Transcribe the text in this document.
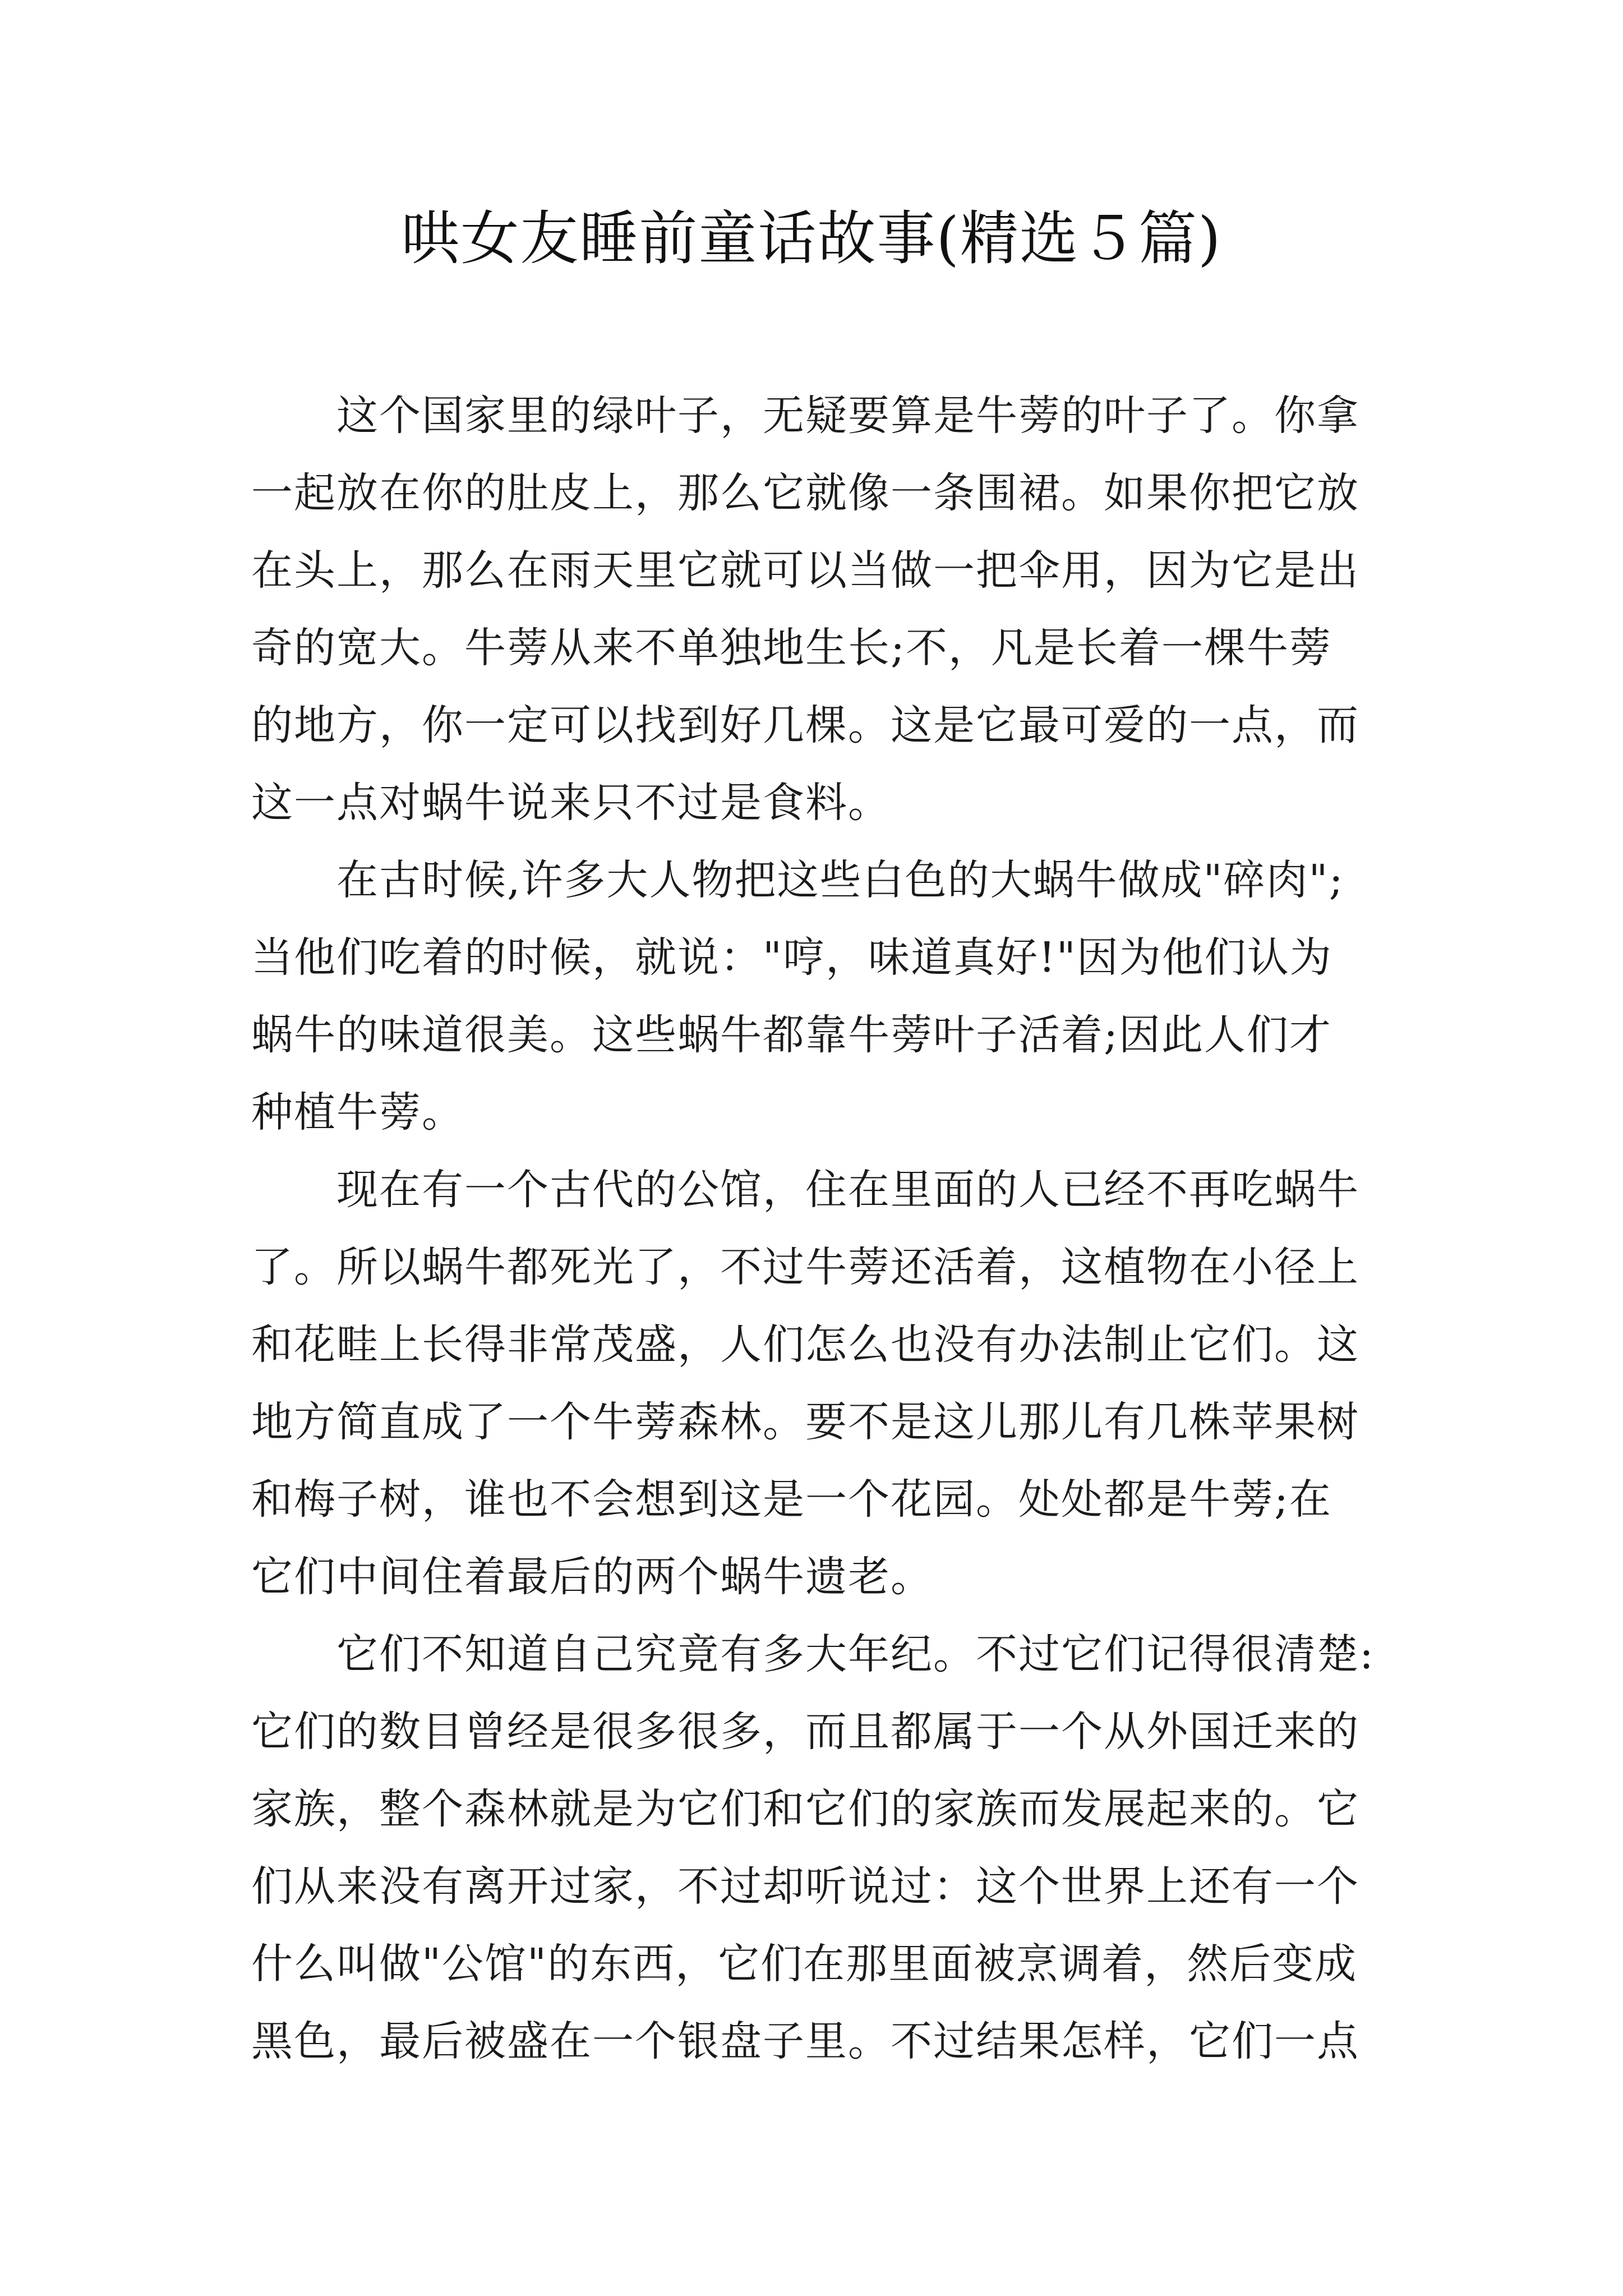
哄女友睡前童话故事(精选５篇)
这个国家里的绿叶子，无疑要算是牛蒡的叶子了。你拿
一起放在你的肚皮上，那么它就像一条围裙。如果你把它放
在头上，那么在雨天里它就可以当做一把伞用，因为它是出
奇的宽大。牛蒡从来不单独地生长;不，凡是长着一棵牛蒡
的地方，你一定可以找到好几棵。这是它最可爱的一点，而
这一点对蜗牛说来只不过是食料。
在古时候,许多大人物把这些白色的大蜗牛做成"碎肉";
当他们吃着的时候，就说："哼，味道真好!"因为他们认为
蜗牛的味道很美。这些蜗牛都靠牛蒡叶子活着;因此人们才
种植牛蒡。
现在有一个古代的公馆，住在里面的人已经不再吃蜗牛
了。所以蜗牛都死光了，不过牛蒡还活着，这植物在小径上
和花畦上长得非常茂盛，人们怎么也没有办法制止它们。这
地方简直成了一个牛蒡森林。要不是这儿那儿有几株苹果树
和梅子树，谁也不会想到这是一个花园。处处都是牛蒡;在
它们中间住着最后的两个蜗牛遗老。
它们不知道自己究竟有多大年纪。不过它们记得很清楚:
它们的数目曾经是很多很多，而且都属于一个从外国迁来的
家族，整个森林就是为它们和它们的家族而发展起来的。它
们从来没有离开过家，不过却听说过：这个世界上还有一个
什么叫做"公馆"的东西，它们在那里面被烹调着，然后变成
黑色，最后被盛在一个银盘子里。不过结果怎样，它们一点
